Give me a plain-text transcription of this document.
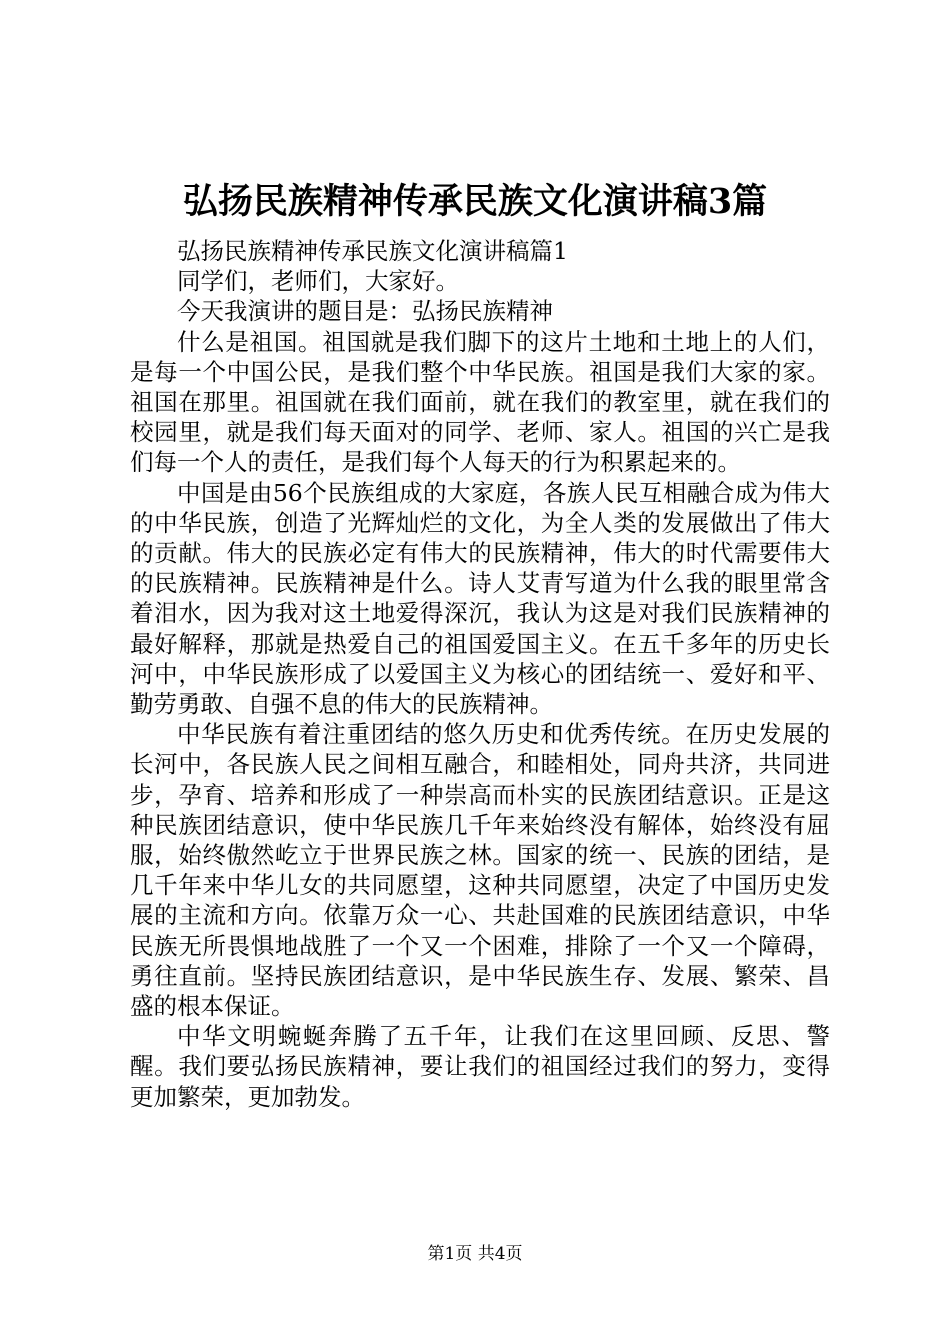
弘扬民族精神传承民族文化演讲稿3篇

弘扬民族精神传承民族文化演讲稿篇1

同学们，老师们，大家好。

今天我演讲的题目是：弘扬民族精神

什么是祖国。祖国就是我们脚下的这片土地和土地上的人们，是每一个中国公民，是我们整个中华民族。祖国是我们大家的家。祖国在那里。祖国就在我们面前，就在我们的教室里，就在我们的校园里，就是我们每天面对的同学、老师、家人。祖国的兴亡是我们每一个人的责任，是我们每个人每天的行为积累起来的。

中国是由56个民族组成的大家庭，各族人民互相融合成为伟大的中华民族，创造了光辉灿烂的文化，为全人类的发展做出了伟大的贡献。伟大的民族必定有伟大的民族精神，伟大的时代需要伟大的民族精神。民族精神是什么。诗人艾青写道为什么我的眼里常含着泪水，因为我对这土地爱得深沉，我认为这是对我们民族精神的最好解释，那就是热爱自己的祖国爱国主义。在五千多年的历史长河中，中华民族形成了以爱国主义为核心的团结统一、爱好和平、勤劳勇敢、自强不息的伟大的民族精神。

中华民族有着注重团结的悠久历史和优秀传统。在历史发展的长河中，各民族人民之间相互融合，和睦相处，同舟共济，共同进步，孕育、培养和形成了一种崇高而朴实的民族团结意识。正是这种民族团结意识，使中华民族几千年来始终没有解体，始终没有屈服，始终傲然屹立于世界民族之林。国家的统一、民族的团结，是几千年来中华儿女的共同愿望，这种共同愿望，决定了中国历史发展的主流和方向。依靠万众一心、共赴国难的民族团结意识，中华民族无所畏惧地战胜了一个又一个困难，排除了一个又一个障碍，勇往直前。坚持民族团结意识，是中华民族生存、发展、繁荣、昌盛的根本保证。

中华文明蜿蜒奔腾了五千年，让我们在这里回顾、反思、警醒。我们要弘扬民族精神，要让我们的祖国经过我们的努力，变得更加繁荣，更加勃发。

第1页 共4页
